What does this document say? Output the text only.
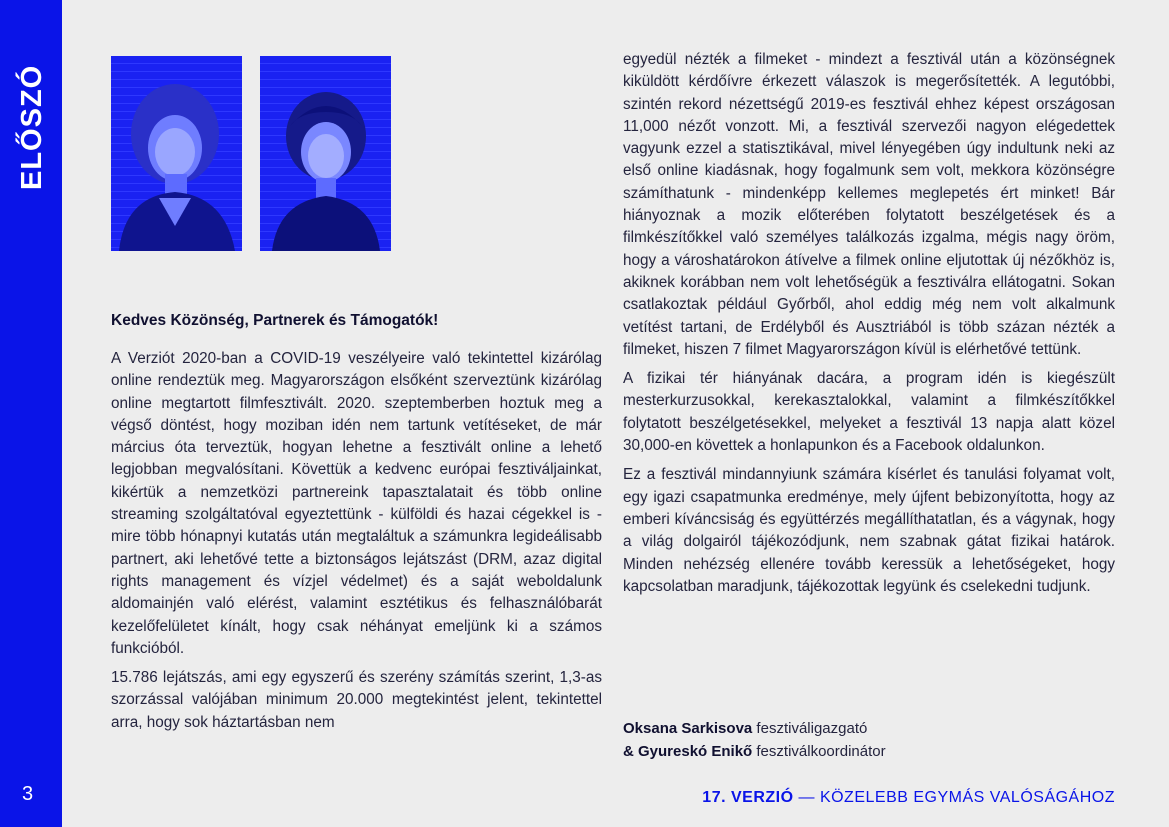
ELŐSZÓ
3
Kedves Közönség, Partnerek és Támogatók!

A Verziót 2020-ban a COVID-19 veszélyeire való tekintettel kizárólag online rendeztük meg. Magyarországon elsőként szerveztünk kizárólag online megtartott filmfesztivált. 2020. szeptemberben hoztuk meg a végső döntést, hogy moziban idén nem tartunk vetítéseket, de már március óta terveztük, hogyan lehetne a fesztivált online a lehető legjobban megvalósítani. Követtük a kedvenc európai fesztiváljainkat, kikértük a nemzetközi partnereink tapasztalatait és több online streaming szolgáltatóval egyeztettünk - külföldi és hazai cégekkel is - mire több hónapnyi kutatás után megtaláltuk a számunkra legideálisabb partnert, aki lehetővé tette a biztonságos lejátszást (DRM, azaz digital rights management és vízjel védelmet) és a saját weboldalunk aldomainjén való elérést, valamint esztétikus és felhasználóbarát kezelőfelületet kínált, hogy csak néhányat emeljünk ki a számos funkcióból.

15.786 lejátszás, ami egy egyszerű és szerény számítás szerint, 1,3-as szorzással valójában minimum 20.000 megtekintést jelent, tekintettel arra, hogy sok háztartásban nem

egyedül nézték a filmeket - mindezt a fesztivál után a közönségnek kiküldött kérdőívre érkezett válaszok is megerősítették. A legutóbbi, szintén rekord nézettségű 2019-es fesztivál ehhez képest országosan 11,000 nézőt vonzott. Mi, a fesztivál szervezői nagyon elégedettek vagyunk ezzel a statisztikával, mivel lényegében úgy indultunk neki az első online kiadásnak, hogy fogalmunk sem volt, mekkora közönségre számíthatunk - mindenképp kellemes meglepetés ért minket! Bár hiányoznak a mozik előterében folytatott beszélgetések és a filmkészítőkkel való személyes találkozás izgalma, mégis nagy öröm, hogy a városhatárokon átívelve a filmek online eljutottak új nézőkhöz is, akiknek korábban nem volt lehetőségük a fesztiválra ellátogatni. Sokan csatlakoztak például Győrből, ahol eddig még nem volt alkalmunk vetítést tartani, de Erdélyből és Ausztriából is több százan nézték a filmeket, hiszen 7 filmet Magyarországon kívül is elérhetővé tettünk.

A fizikai tér hiányának dacára, a program idén is kiegészült mesterkurzusokkal, kerekasztalokkal, valamint a filmkészítőkkel folytatott beszélgetésekkel, melyeket a fesztivál 13 napja alatt közel 30,000-en követtek a honlapunkon és a Facebook oldalunkon.

Ez a fesztivál mindannyiunk számára kísérlet és tanulási folyamat volt, egy igazi csapatmunka eredménye, mely újfent bebizonyította, hogy az emberi kíváncsiság és együttérzés megállíthatatlan, és a vágynak, hogy a világ dolgairól tájékozódjunk, nem szabnak gátat fizikai határok. Minden nehézség ellenére tovább keressük a lehetőségeket, hogy kapcsolatban maradjunk, tájékozottak legyünk és cselekedni tudjunk.

Oksana Sarkisova fesztiváligazgató
& Gyureskó Enikő fesztiválkoordinátor
17. VERZIÓ — KÖZELEBB EGYMÁS VALÓSÁGÁHOZ
